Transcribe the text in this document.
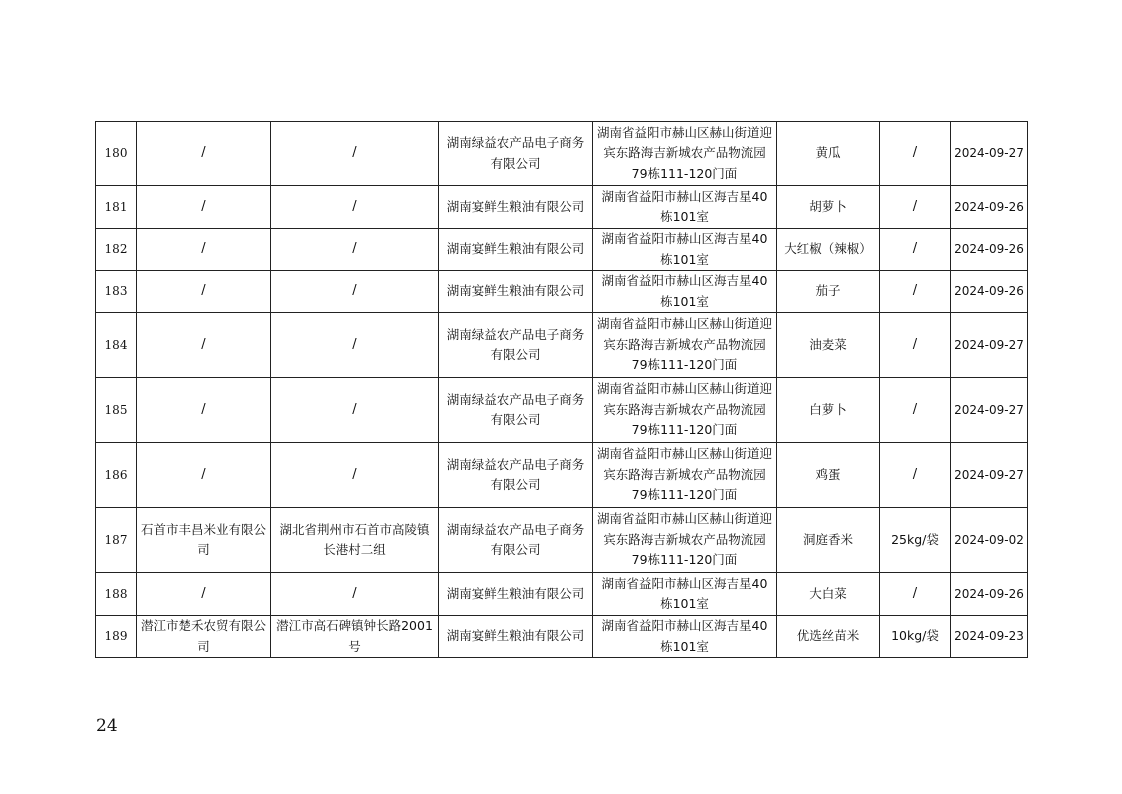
180	/	/	湖南绿益农产品电子商务有限公司	湖南省益阳市赫山区赫山街道迎宾东路海吉新城农产品物流园79栋111-120门面	黄瓜	/	2024-09-27
181	/	/	湖南宴鲜生粮油有限公司	湖南省益阳市赫山区海吉星40栋101室	胡萝卜	/	2024-09-26
182	/	/	湖南宴鲜生粮油有限公司	湖南省益阳市赫山区海吉星40栋101室	大红椒（辣椒）	/	2024-09-26
183	/	/	湖南宴鲜生粮油有限公司	湖南省益阳市赫山区海吉星40栋101室	茄子	/	2024-09-26
184	/	/	湖南绿益农产品电子商务有限公司	湖南省益阳市赫山区赫山街道迎宾东路海吉新城农产品物流园79栋111-120门面	油麦菜	/	2024-09-27
185	/	/	湖南绿益农产品电子商务有限公司	湖南省益阳市赫山区赫山街道迎宾东路海吉新城农产品物流园79栋111-120门面	白萝卜	/	2024-09-27
186	/	/	湖南绿益农产品电子商务有限公司	湖南省益阳市赫山区赫山街道迎宾东路海吉新城农产品物流园79栋111-120门面	鸡蛋	/	2024-09-27
187	石首市丰昌米业有限公司	湖北省荆州市石首市高陵镇长港村二组	湖南绿益农产品电子商务有限公司	湖南省益阳市赫山区赫山街道迎宾东路海吉新城农产品物流园79栋111-120门面	洞庭香米	25kg/袋	2024-09-02
188	/	/	湖南宴鲜生粮油有限公司	湖南省益阳市赫山区海吉星40栋101室	大白菜	/	2024-09-26
189	潜江市楚禾农贸有限公司	潜江市高石碑镇钟长路2001号	湖南宴鲜生粮油有限公司	湖南省益阳市赫山区海吉星40栋101室	优选丝苗米	10kg/袋	2024-09-23
24
